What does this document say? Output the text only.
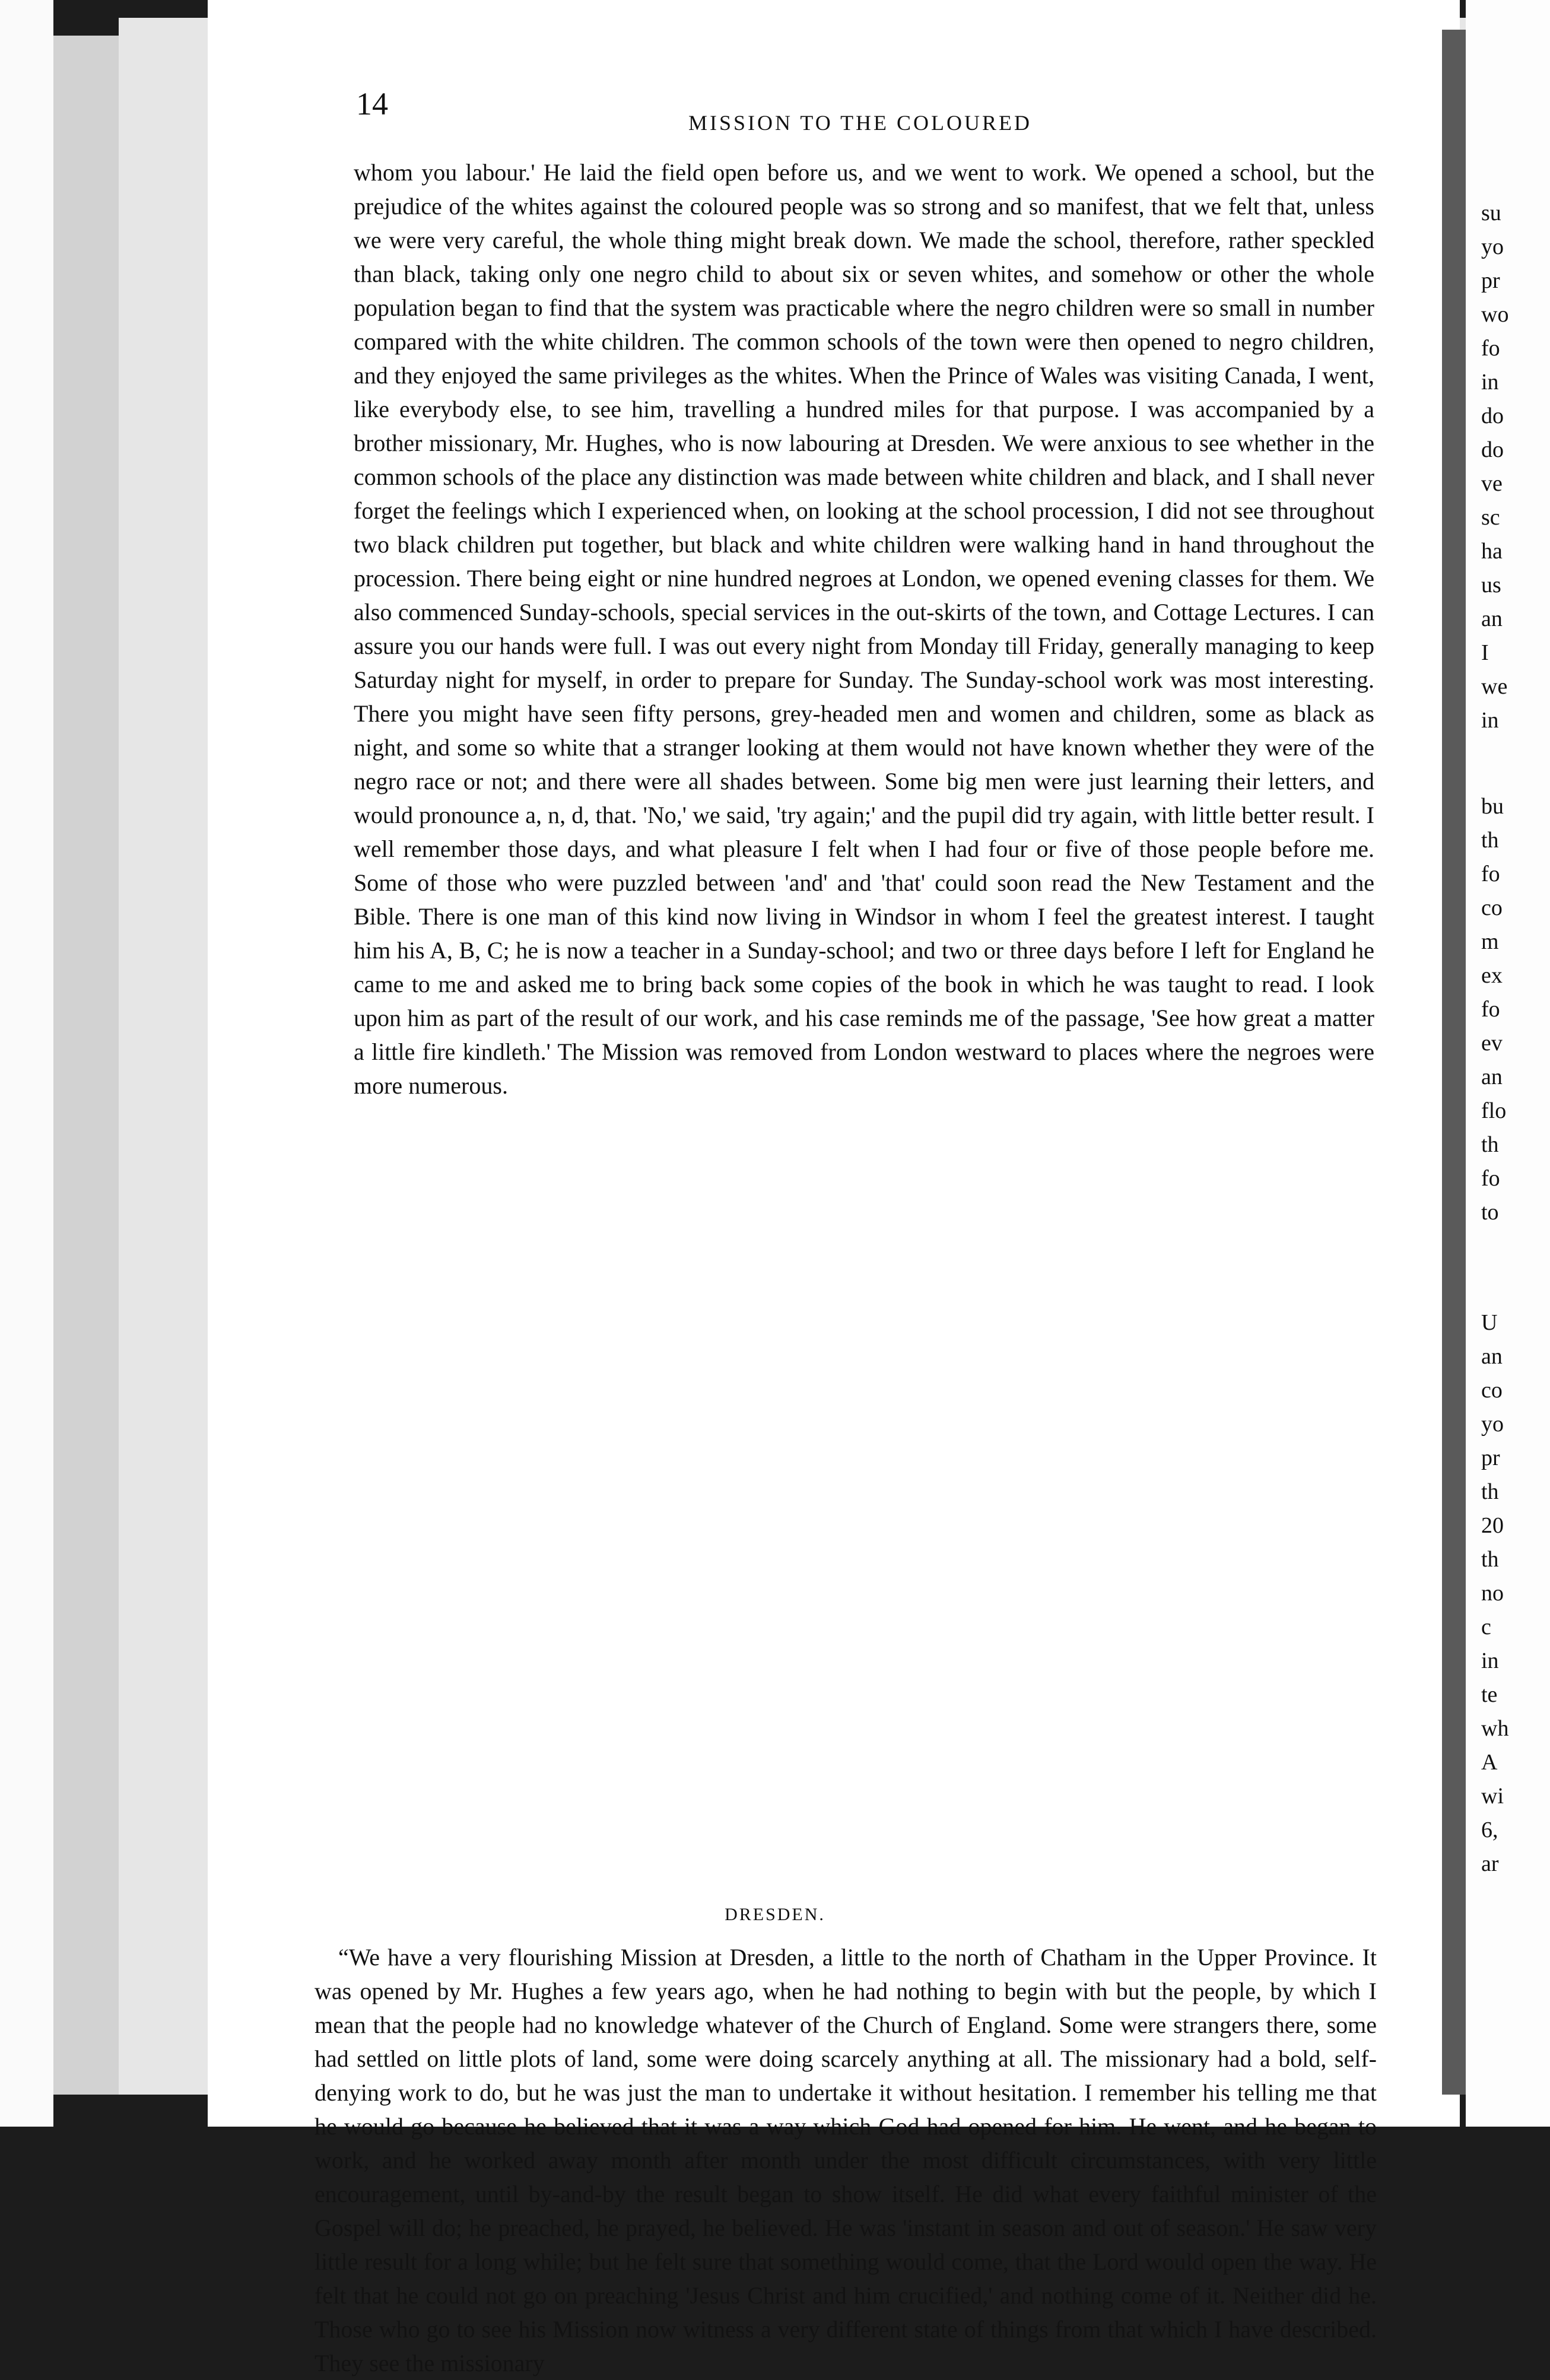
14
MISSION TO THE COLOURED

whom you labour.' He laid the field open before us, and we went to work. We opened a school, but the prejudice of the whites against the coloured people was so strong and so manifest, that we felt that, unless we were very careful, the whole thing might break down. We made the school, therefore, rather speckled than black, taking only one negro child to about six or seven whites, and somehow or other the whole population began to find that the system was practicable where the negro children were so small in number compared with the white children. The common schools of the town were then opened to negro children, and they enjoyed the same privileges as the whites. When the Prince of Wales was visiting Canada, I went, like everybody else, to see him, travelling a hundred miles for that purpose. I was accompanied by a brother missionary, Mr. Hughes, who is now labouring at Dresden. We were anxious to see whether in the common schools of the place any distinction was made between white children and black, and I shall never forget the feelings which I experienced when, on looking at the school procession, I did not see throughout two black children put together, but black and white children were walking hand in hand throughout the procession. There being eight or nine hundred negroes at London, we opened evening classes for them. We also commenced Sunday-schools, special services in the out-skirts of the town, and Cottage Lectures. I can assure you our hands were full. I was out every night from Monday till Friday, generally managing to keep Saturday night for myself, in order to prepare for Sunday. The Sunday-school work was most interesting. There you might have seen fifty persons, grey-headed men and women and children, some as black as night, and some so white that a stranger looking at them would not have known whether they were of the negro race or not; and there were all shades between. Some big men were just learning their letters, and would pronounce a, n, d, that. 'No,' we said, 'try again;' and the pupil did try again, with little better result. I well remember those days, and what pleasure I felt when I had four or five of those people before me. Some of those who were puzzled between 'and' and 'that' could soon read the New Testament and the Bible. There is one man of this kind now living in Windsor in whom I feel the greatest interest. I taught him his A, B, C; he is now a teacher in a Sunday-school; and two or three days before I left for England he came to me and asked me to bring back some copies of the book in which he was taught to read. I look upon him as part of the result of our work, and his case reminds me of the passage, 'See how great a matter a little fire kindleth.' The Mission was removed from London westward to places where the negroes were more numerous.

DRESDEN.

“We have a very flourishing Mission at Dresden, a little to the north of Chatham in the Upper Province. It was opened by Mr. Hughes a few years ago, when he had nothing to begin with but the people, by which I mean that the people had no knowledge whatever of the Church of England. Some were strangers there, some had settled on little plots of land, some were doing scarcely anything at all. The missionary had a bold, self-denying work to do, but he was just the man to undertake it without hesitation. I remember his telling me that he would go because he believed that it was a way which God had opened for him. He went, and he began to work, and he worked away month after month under the most difficult circumstances, with very little encouragement, until by-and-by the result began to show itself. He did what every faithful minister of the Gospel will do; he preached, he prayed, he believed. He was 'instant in season and out of season.' He saw very little result for a long while; but he felt sure that something would come, that the Lord would open the way. He felt that he could not go on preaching 'Jesus Christ and him crucified,' and nothing come of it. Neither did he. Those who go to see his Mission now witness a very different state of things from that which I have described. They see the missionary

su
yo
pr
wo
fo
in
do
do
ve
sc
ha
us
an
I
we
in
bu
th
fo
co
m
ex
fo
ev
an
flo
th
fo
to
U
an
co
yo
pr
th
20
th
no
c
in
te
wh
A
wi
6,
ar
